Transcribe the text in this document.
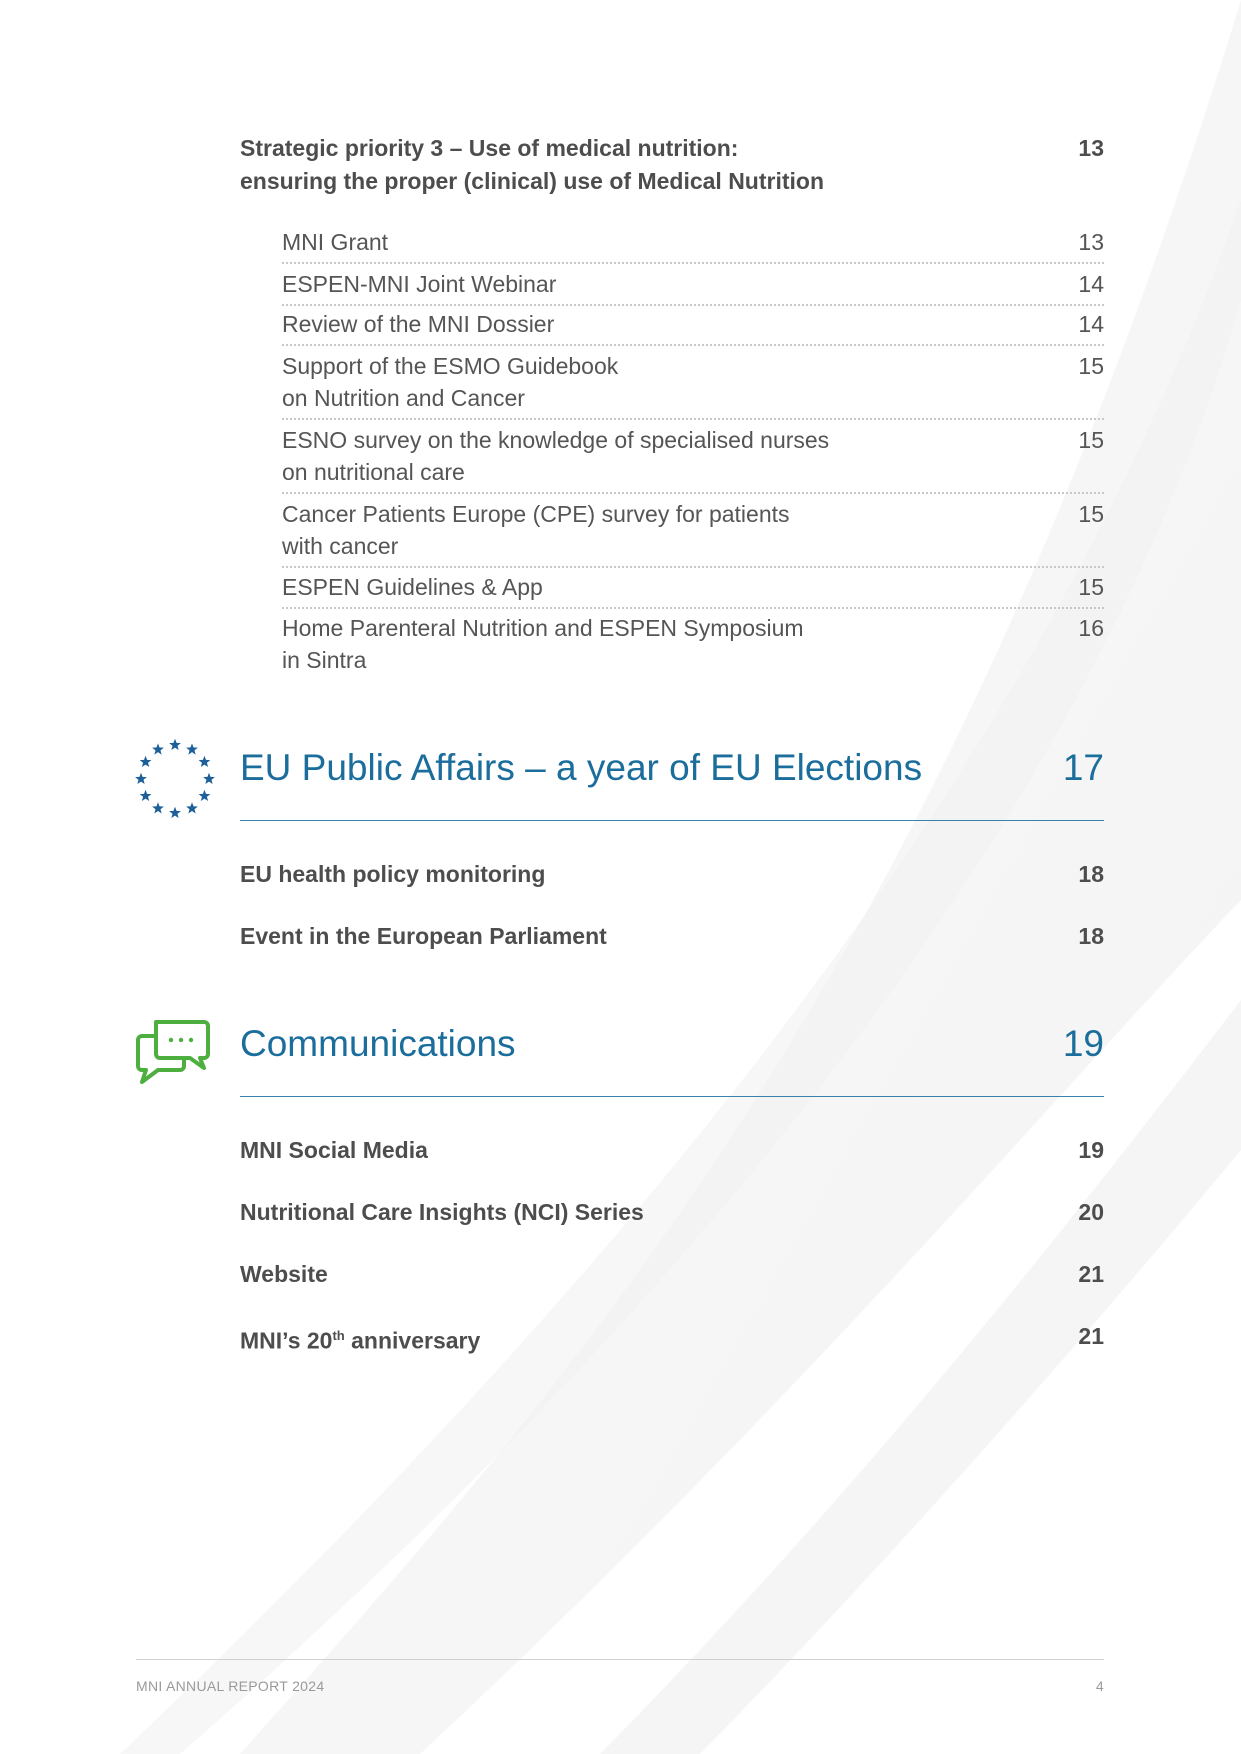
Strategic priority 3 – Use of medical nutrition:
ensuring the proper (clinical) use of Medical Nutrition
13
MNI Grant	13
ESPEN-MNI Joint Webinar	14
Review of the MNI Dossier	14
Support of the ESMO Guidebook
on Nutrition and Cancer
15
ESNO survey on the knowledge of specialised nurses
on nutritional care
15
Cancer Patients Europe (CPE) survey for patients
with cancer
15
ESPEN Guidelines & App	15
Home Parenteral Nutrition and ESPEN Symposium
in Sintra
16
EU Public Affairs – a year of EU Elections	17
EU health policy monitoring	18
Event in the European Parliament	18
Communications	19
MNI Social Media	19
Nutritional Care Insights (NCI) Series	20
Website	21
MNI’s 20th anniversary	21
MNI ANNUAL REPORT 2024	4
